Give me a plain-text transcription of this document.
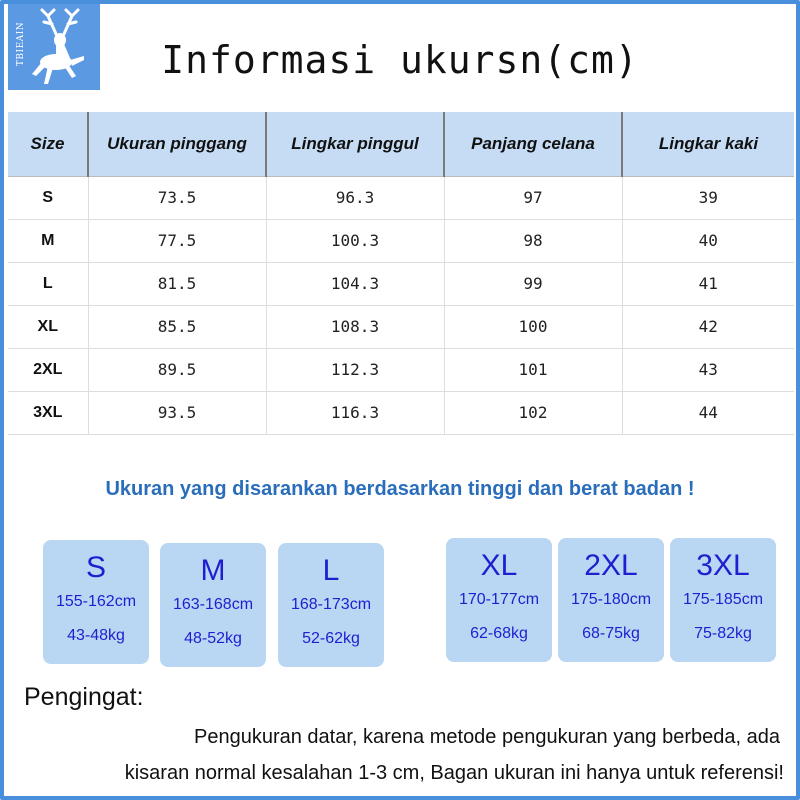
TBIEAIN	Informasi ukursn(cm)
Size	Ukuran pinggang	Lingkar pinggul	Panjang celana	Lingkar kaki
S	73.5	96.3	97	39
M	77.5	100.3	98	40
L	81.5	104.3	99	41
XL	85.5	108.3	100	42
2XL	89.5	112.3	101	43
3XL	93.5	116.3	102	44
Ukuran yang disarankan berdasarkan tinggi dan berat badan !
S
155-162cm
43-48kg
M
163-168cm
48-52kg
L
168-173cm
52-62kg
XL
170-177cm
62-68kg
2XL
175-180cm
68-75kg
3XL
175-185cm
75-82kg
Pengingat:
Pengukuran datar, karena metode pengukuran yang berbeda, ada
kisaran normal kesalahan 1-3 cm, Bagan ukuran ini hanya untuk referensi!
